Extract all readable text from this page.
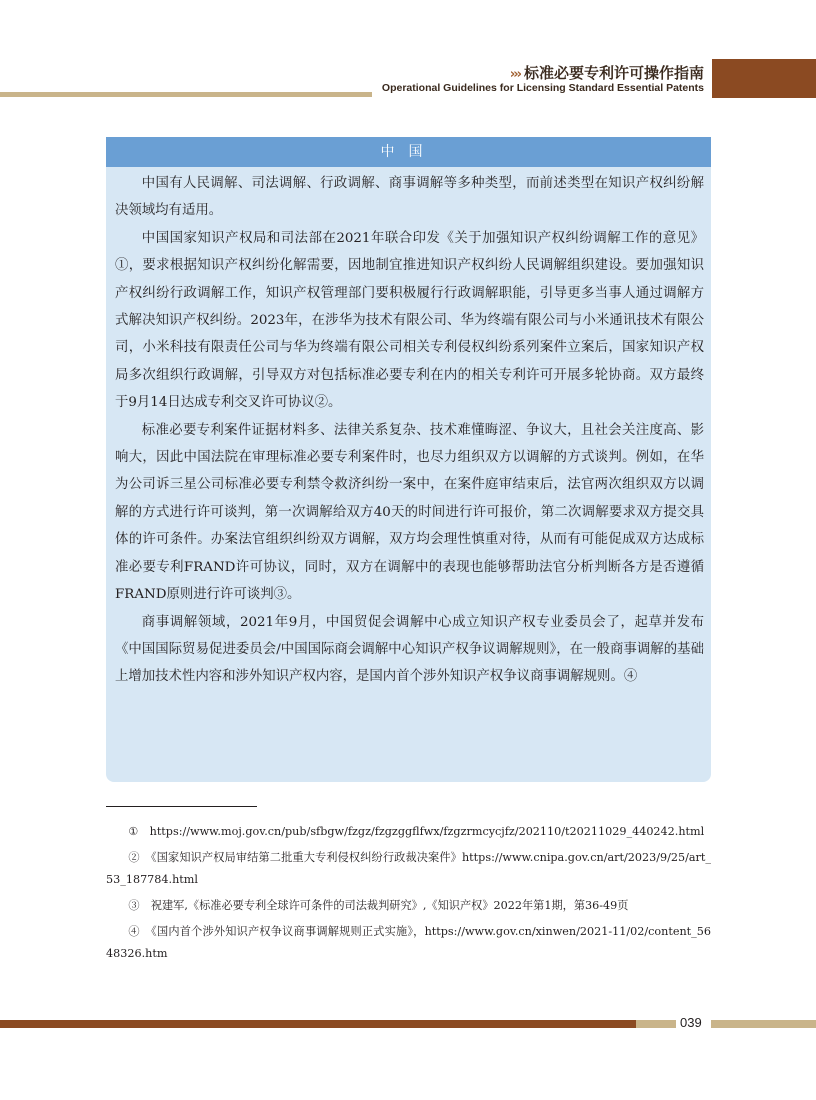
››› 标准必要专利许可操作指南
Operational Guidelines for Licensing Standard Essential Patents
中国

中国有人民调解、司法调解、行政调解、商事调解等多种类型，而前述类型在知识产权纠纷解决领域均有适用。

中国国家知识产权局和司法部在2021年联合印发《关于加强知识产权纠纷调解工作的意见》①，要求根据知识产权纠纷化解需要，因地制宜推进知识产权纠纷人民调解组织建设。要加强知识产权纠纷行政调解工作，知识产权管理部门要积极履行行政调解职能，引导更多当事人通过调解方式解决知识产权纠纷。2023年，在涉华为技术有限公司、华为终端有限公司与小米通讯技术有限公司，小米科技有限责任公司与华为终端有限公司相关专利侵权纠纷系列案件立案后，国家知识产权局多次组织行政调解，引导双方对包括标准必要专利在内的相关专利许可开展多轮协商。双方最终于9月14日达成专利交叉许可协议②。

标准必要专利案件证据材料多、法律关系复杂、技术难懂晦涩、争议大，且社会关注度高、影响大，因此中国法院在审理标准必要专利案件时，也尽力组织双方以调解的方式谈判。例如，在华为公司诉三星公司标准必要专利禁令救济纠纷一案中，在案件庭审结束后，法官两次组织双方以调解的方式进行许可谈判，第一次调解给双方40天的时间进行许可报价，第二次调解要求双方提交具体的许可条件。办案法官组织纠纷双方调解，双方均会理性慎重对待，从而有可能促成双方达成标准必要专利FRAND许可协议，同时，双方在调解中的表现也能够帮助法官分析判断各方是否遵循FRAND原则进行许可谈判③。

商事调解领域，2021年9月，中国贸促会调解中心成立知识产权专业委员会了，起草并发布《中国国际贸易促进委员会/中国国际商会调解中心知识产权争议调解规则》，在一般商事调解的基础上增加技术性内容和涉外知识产权内容，是国内首个涉外知识产权争议商事调解规则。④

①　https://www.moj.gov.cn/pub/sfbgw/fzgz/fzgzggflfwx/fzgzrmcycjfz/202110/t20211029_440242.html

②　《国家知识产权局审结第二批重大专利侵权纠纷行政裁决案件》https://www.cnipa.gov.cn/art/2023/9/25/art_53_187784.html

③　祝建军,《标准必要专利全球许可条件的司法裁判研究》,《知识产权》2022年第1期，第36-49页

④　《国内首个涉外知识产权争议商事调解规则正式实施》，https://www.gov.cn/xinwen/2021-11/02/content_5648326.htm

039
